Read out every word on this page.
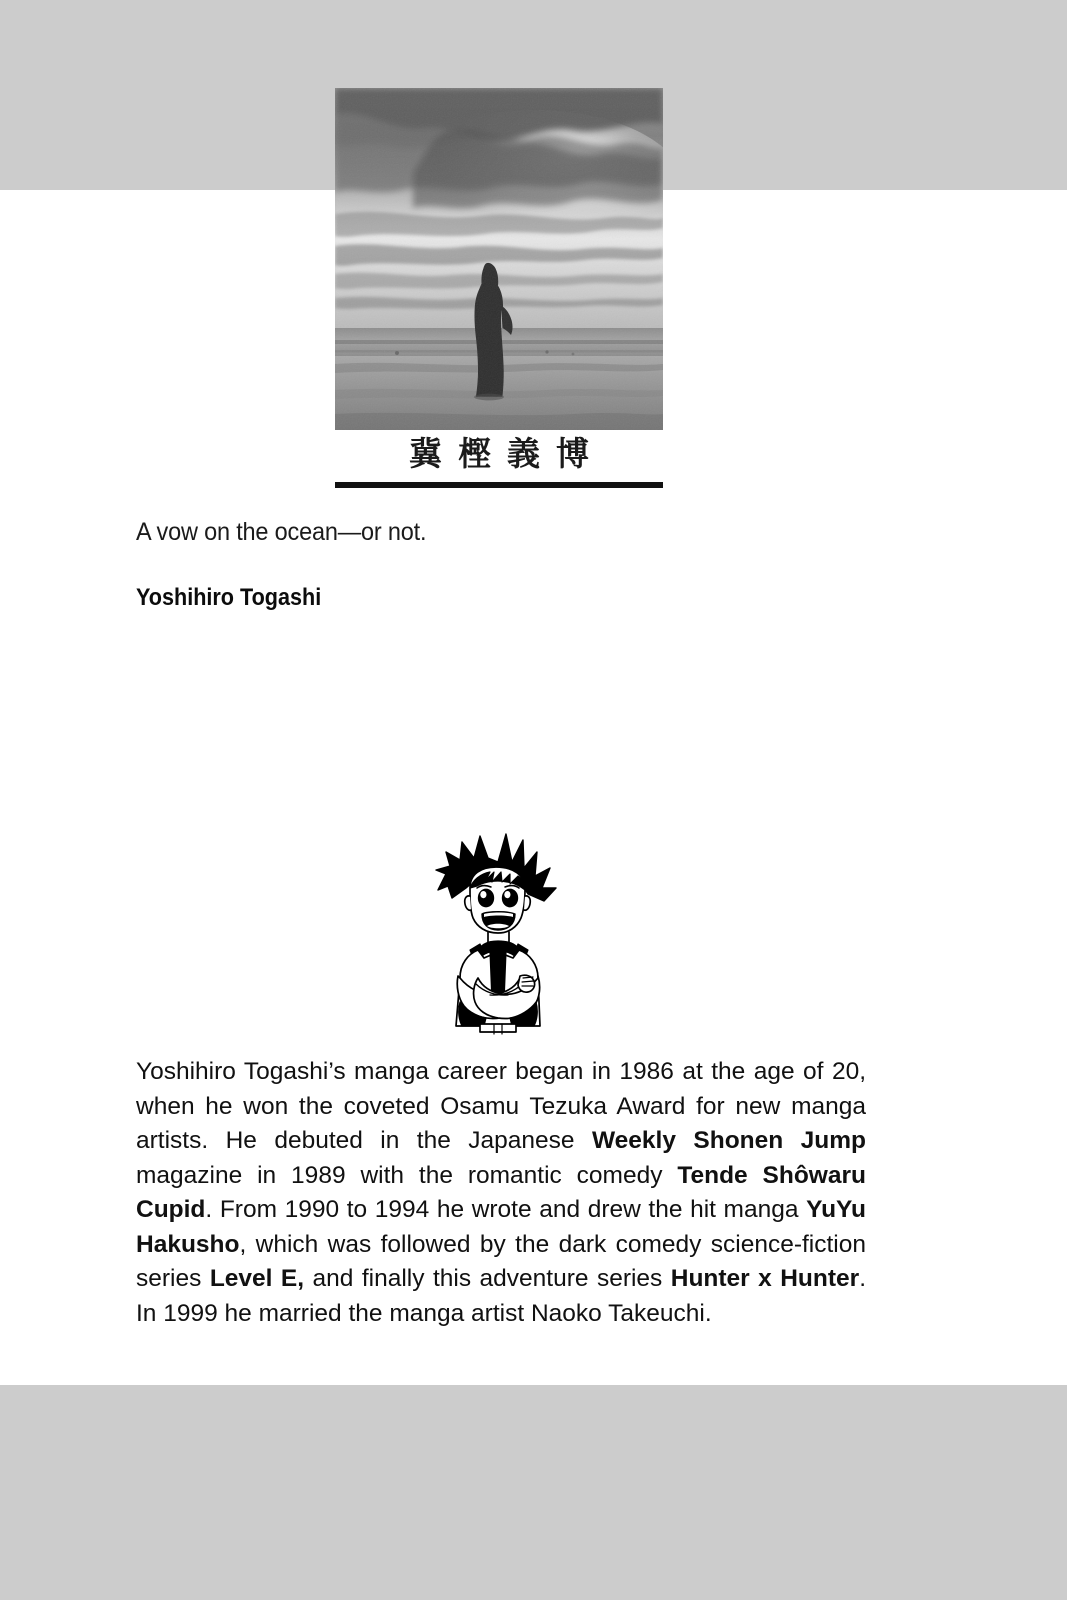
冀樫義博
A vow on the ocean—or not.
Yoshihiro Togashi

Yoshihiro Togashi’s manga career began in 1986 at the age of 20, when he won the coveted Osamu Tezuka Award for new manga artists. He debuted in the Japanese Weekly Shonen Jump magazine in 1989 with the romantic comedy Tende Shôwaru Cupid. From 1990 to 1994 he wrote and drew the hit manga YuYu Hakusho, which was followed by the dark comedy science-fiction series Level E, and finally this adventure series Hunter x Hunter. In 1999 he married the manga artist Naoko Takeuchi.
